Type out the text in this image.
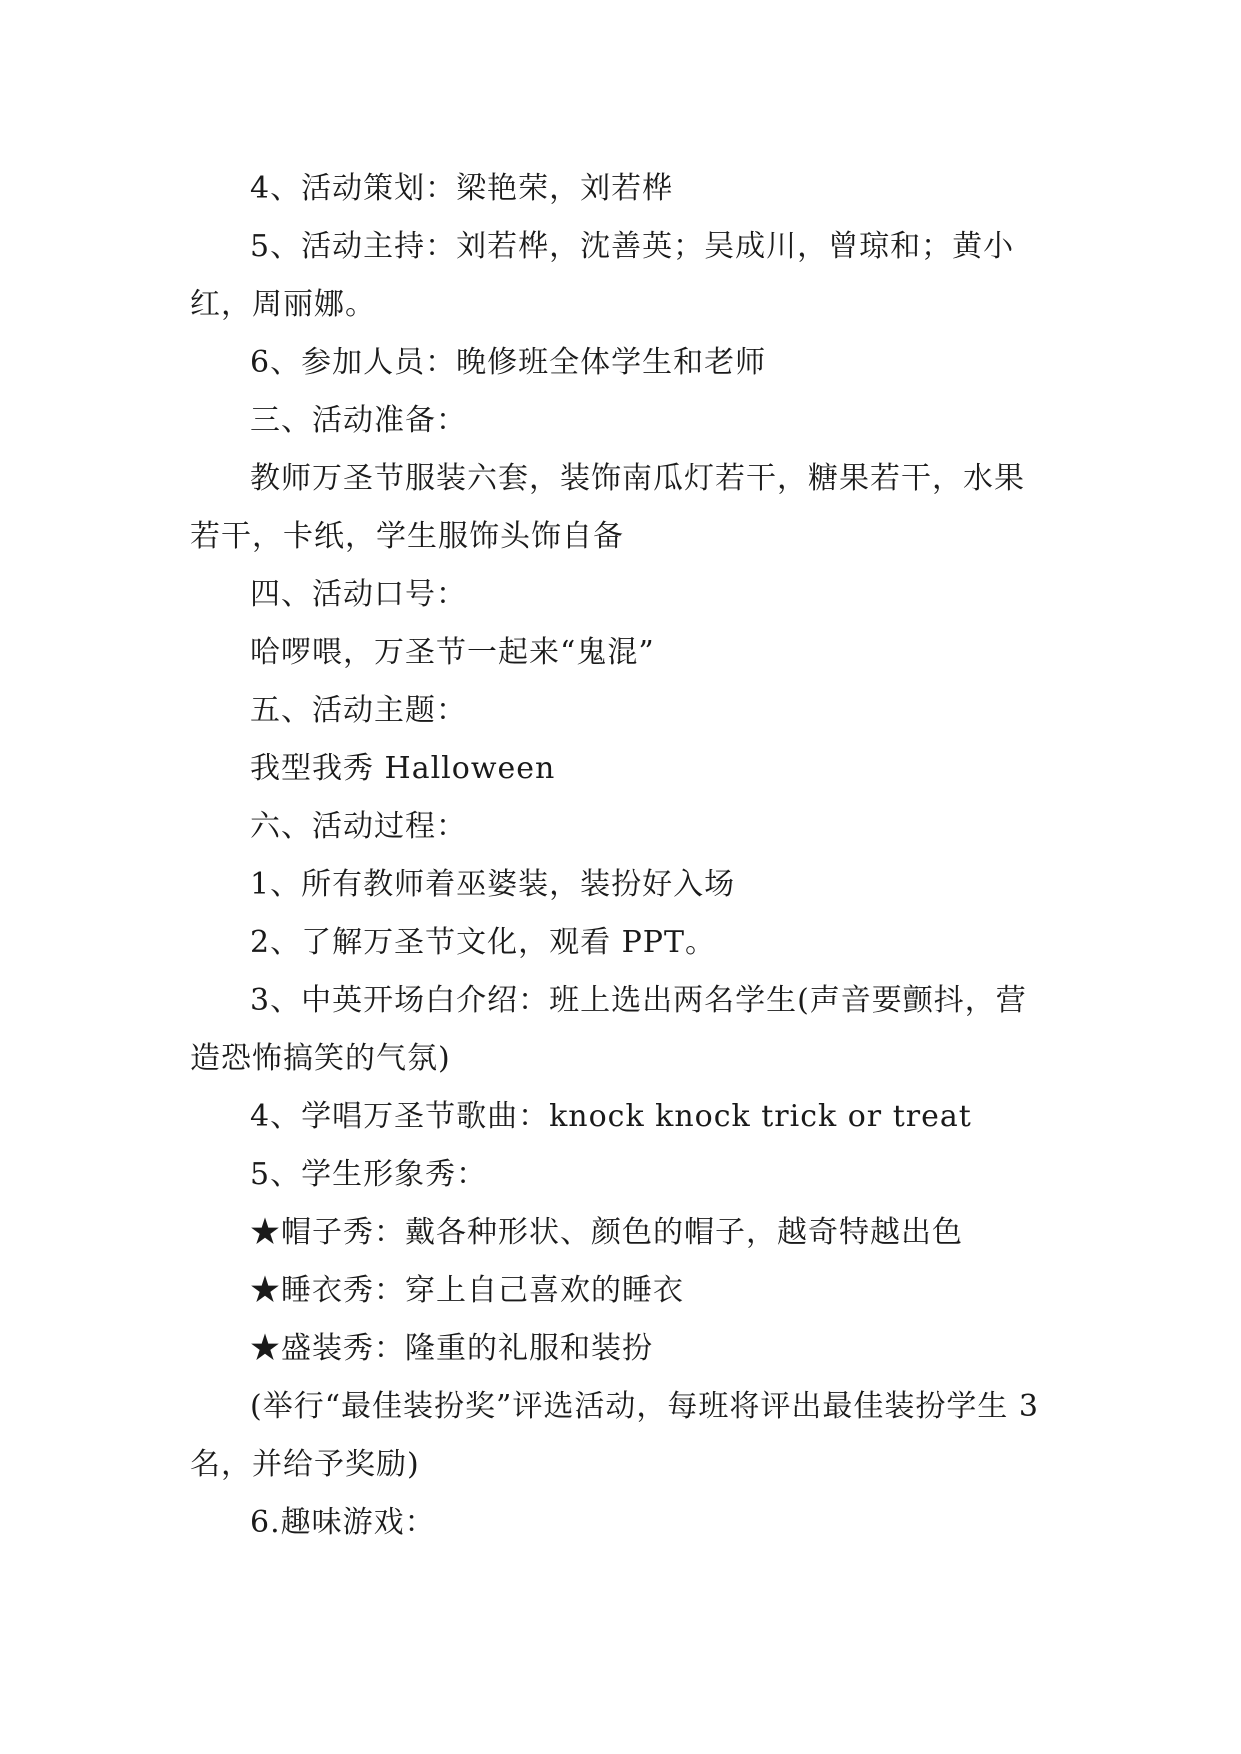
4、活动策划：梁艳荣，刘若桦

5、活动主持：刘若桦，沈善英；吴成川，曾琼和；黄小红，周丽娜。

6、参加人员：晚修班全体学生和老师

三、活动准备：

教师万圣节服装六套，装饰南瓜灯若干，糖果若干，水果若干，卡纸，学生服饰头饰自备

四、活动口号：

哈啰喂，万圣节一起来“鬼混”

五、活动主题：

我型我秀 Halloween

六、活动过程：

1、所有教师着巫婆装，装扮好入场

2、了解万圣节文化，观看 PPT。

3、中英开场白介绍：班上选出两名学生(声音要颤抖，营造恐怖搞笑的气氛)

4、学唱万圣节歌曲：knock knock trick or treat

5、学生形象秀：

★帽子秀：戴各种形状、颜色的帽子，越奇特越出色

★睡衣秀：穿上自己喜欢的睡衣

★盛装秀：隆重的礼服和装扮

(举行“最佳装扮奖”评选活动，每班将评出最佳装扮学生 3 名，并给予奖励)

6.趣味游戏：
